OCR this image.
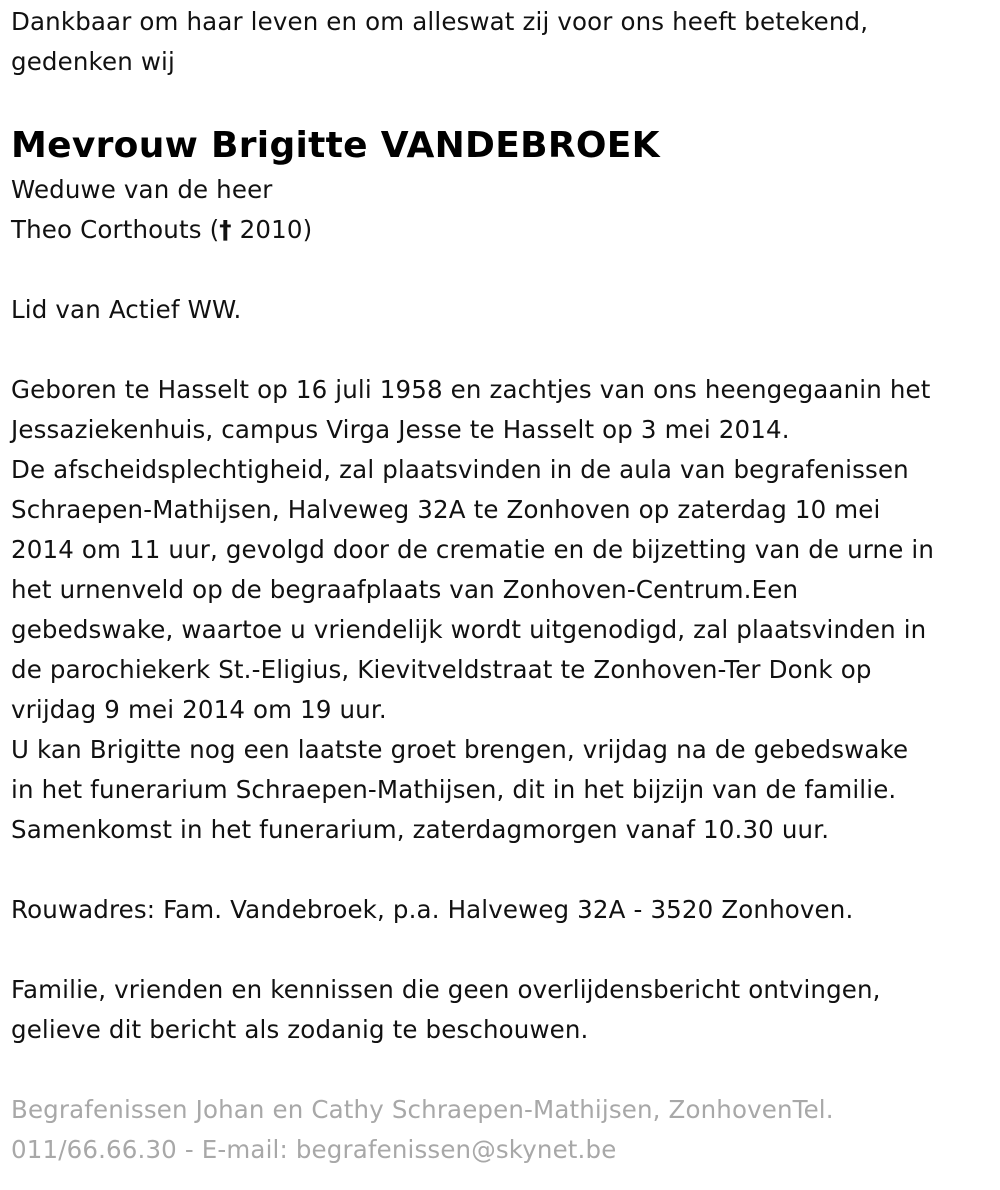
Dankbaar om haar leven en om alleswat zij voor ons heeft betekend,
gedenken wij

Mevrouw Brigitte VANDEBROEK

Weduwe van de heer
Theo Corthouts († 2010)

Lid van Actief WW.

Geboren te Hasselt op 16 juli 1958 en zachtjes van ons heengegaanin het
Jessaziekenhuis, campus Virga Jesse te Hasselt op 3 mei 2014.
De afscheidsplechtigheid, zal plaatsvinden in de aula van begrafenissen
Schraepen-Mathijsen, Halveweg 32A te Zonhoven op zaterdag 10 mei
2014 om 11 uur, gevolgd door de crematie en de bijzetting van de urne in
het urnenveld op de begraafplaats van Zonhoven-Centrum.Een
gebedswake, waartoe u vriendelijk wordt uitgenodigd, zal plaatsvinden in
de parochiekerk St.-Eligius, Kievitveldstraat te Zonhoven-Ter Donk op
vrijdag 9 mei 2014 om 19 uur.
U kan Brigitte nog een laatste groet brengen, vrijdag na de gebedswake
in het funerarium Schraepen-Mathijsen, dit in het bijzijn van de familie.
Samenkomst in het funerarium, zaterdagmorgen vanaf 10.30 uur.

Rouwadres: Fam. Vandebroek, p.a. Halveweg 32A - 3520 Zonhoven.

Familie, vrienden en kennissen die geen overlijdensbericht ontvingen,
gelieve dit bericht als zodanig te beschouwen.

Begrafenissen Johan en Cathy Schraepen-Mathijsen, ZonhovenTel.
011/66.66.30 - E-mail: begrafenissen@skynet.be
